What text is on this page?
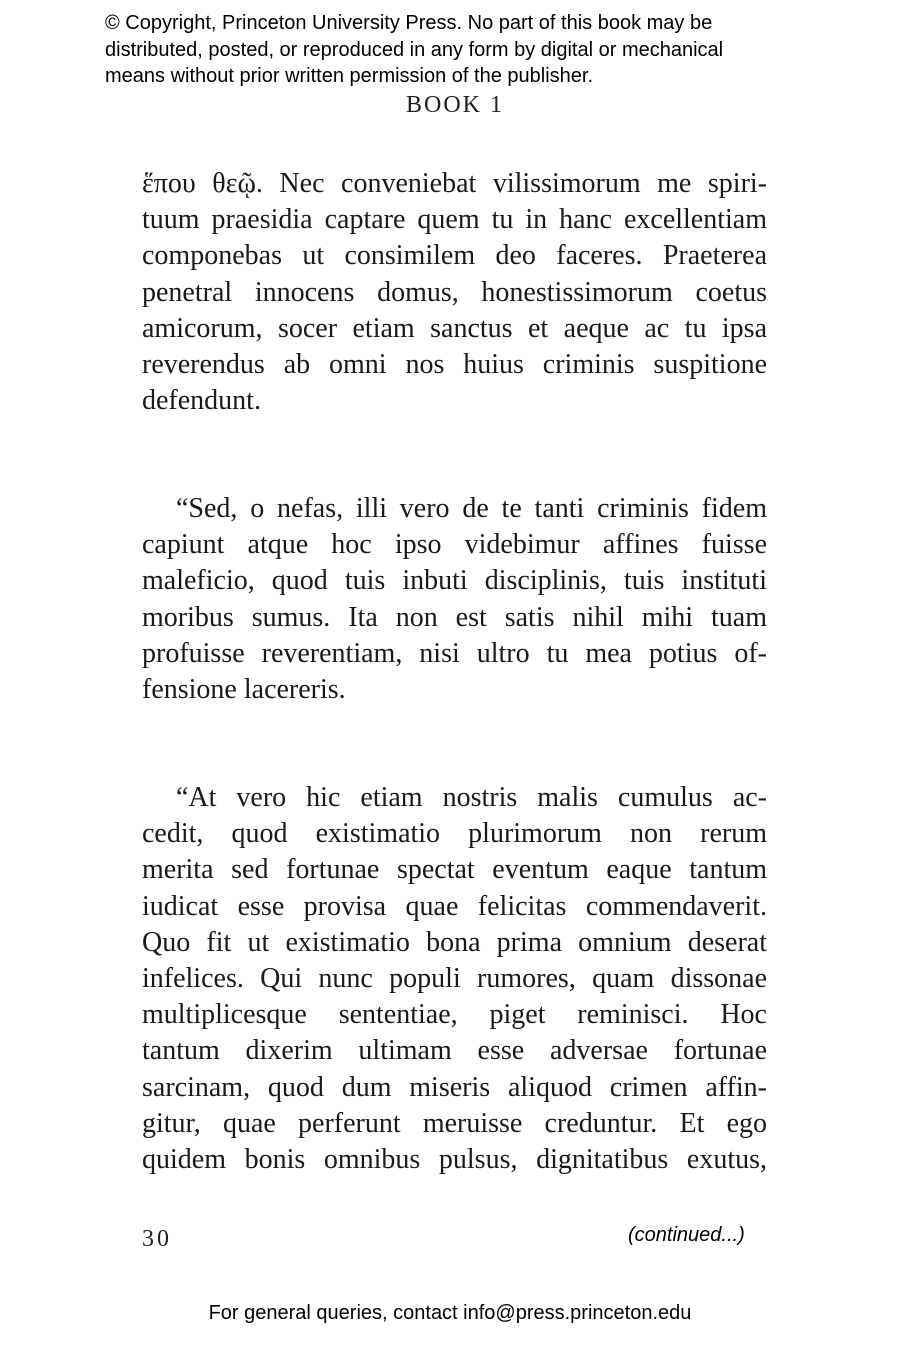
© Copyright, Princeton University Press. No part of this book may be
distributed, posted, or reproduced in any form by digital or mechanical
means without prior written permission of the publisher.
BOOK 1
ἕπου θεῷ. Nec conveniebat vilissimorum me spiri-
tuum praesidia captare quem tu in hanc excellentiam
componebas ut consimilem deo faceres. Praeterea
penetral innocens domus, honestissimorum coetus
amicorum, socer etiam sanctus et aeque ac tu ipsa
reverendus ab omni nos huius criminis suspitione
defendunt.
“Sed, o nefas, illi vero de te tanti criminis fidem
capiunt atque hoc ipso videbimur affines fuisse
maleficio, quod tuis inbuti disciplinis, tuis instituti
moribus sumus. Ita non est satis nihil mihi tuam
profuisse reverentiam, nisi ultro tu mea potius of-
fensione lacereris.
“At vero hic etiam nostris malis cumulus ac-
cedit, quod existimatio plurimorum non rerum
merita sed fortunae spectat eventum eaque tantum
iudicat esse provisa quae felicitas commendaverit.
Quo fit ut existimatio bona prima omnium deserat
infelices. Qui nunc populi rumores, quam dissonae
multiplicesque sententiae, piget reminisci. Hoc
tantum dixerim ultimam esse adversae fortunae
sarcinam, quod dum miseris aliquod crimen affin-
gitur, quae perferunt meruisse creduntur. Et ego
quidem bonis omnibus pulsus, dignitatibus exutus,
30	(continued...)
For general queries, contact info@press.princeton.edu
